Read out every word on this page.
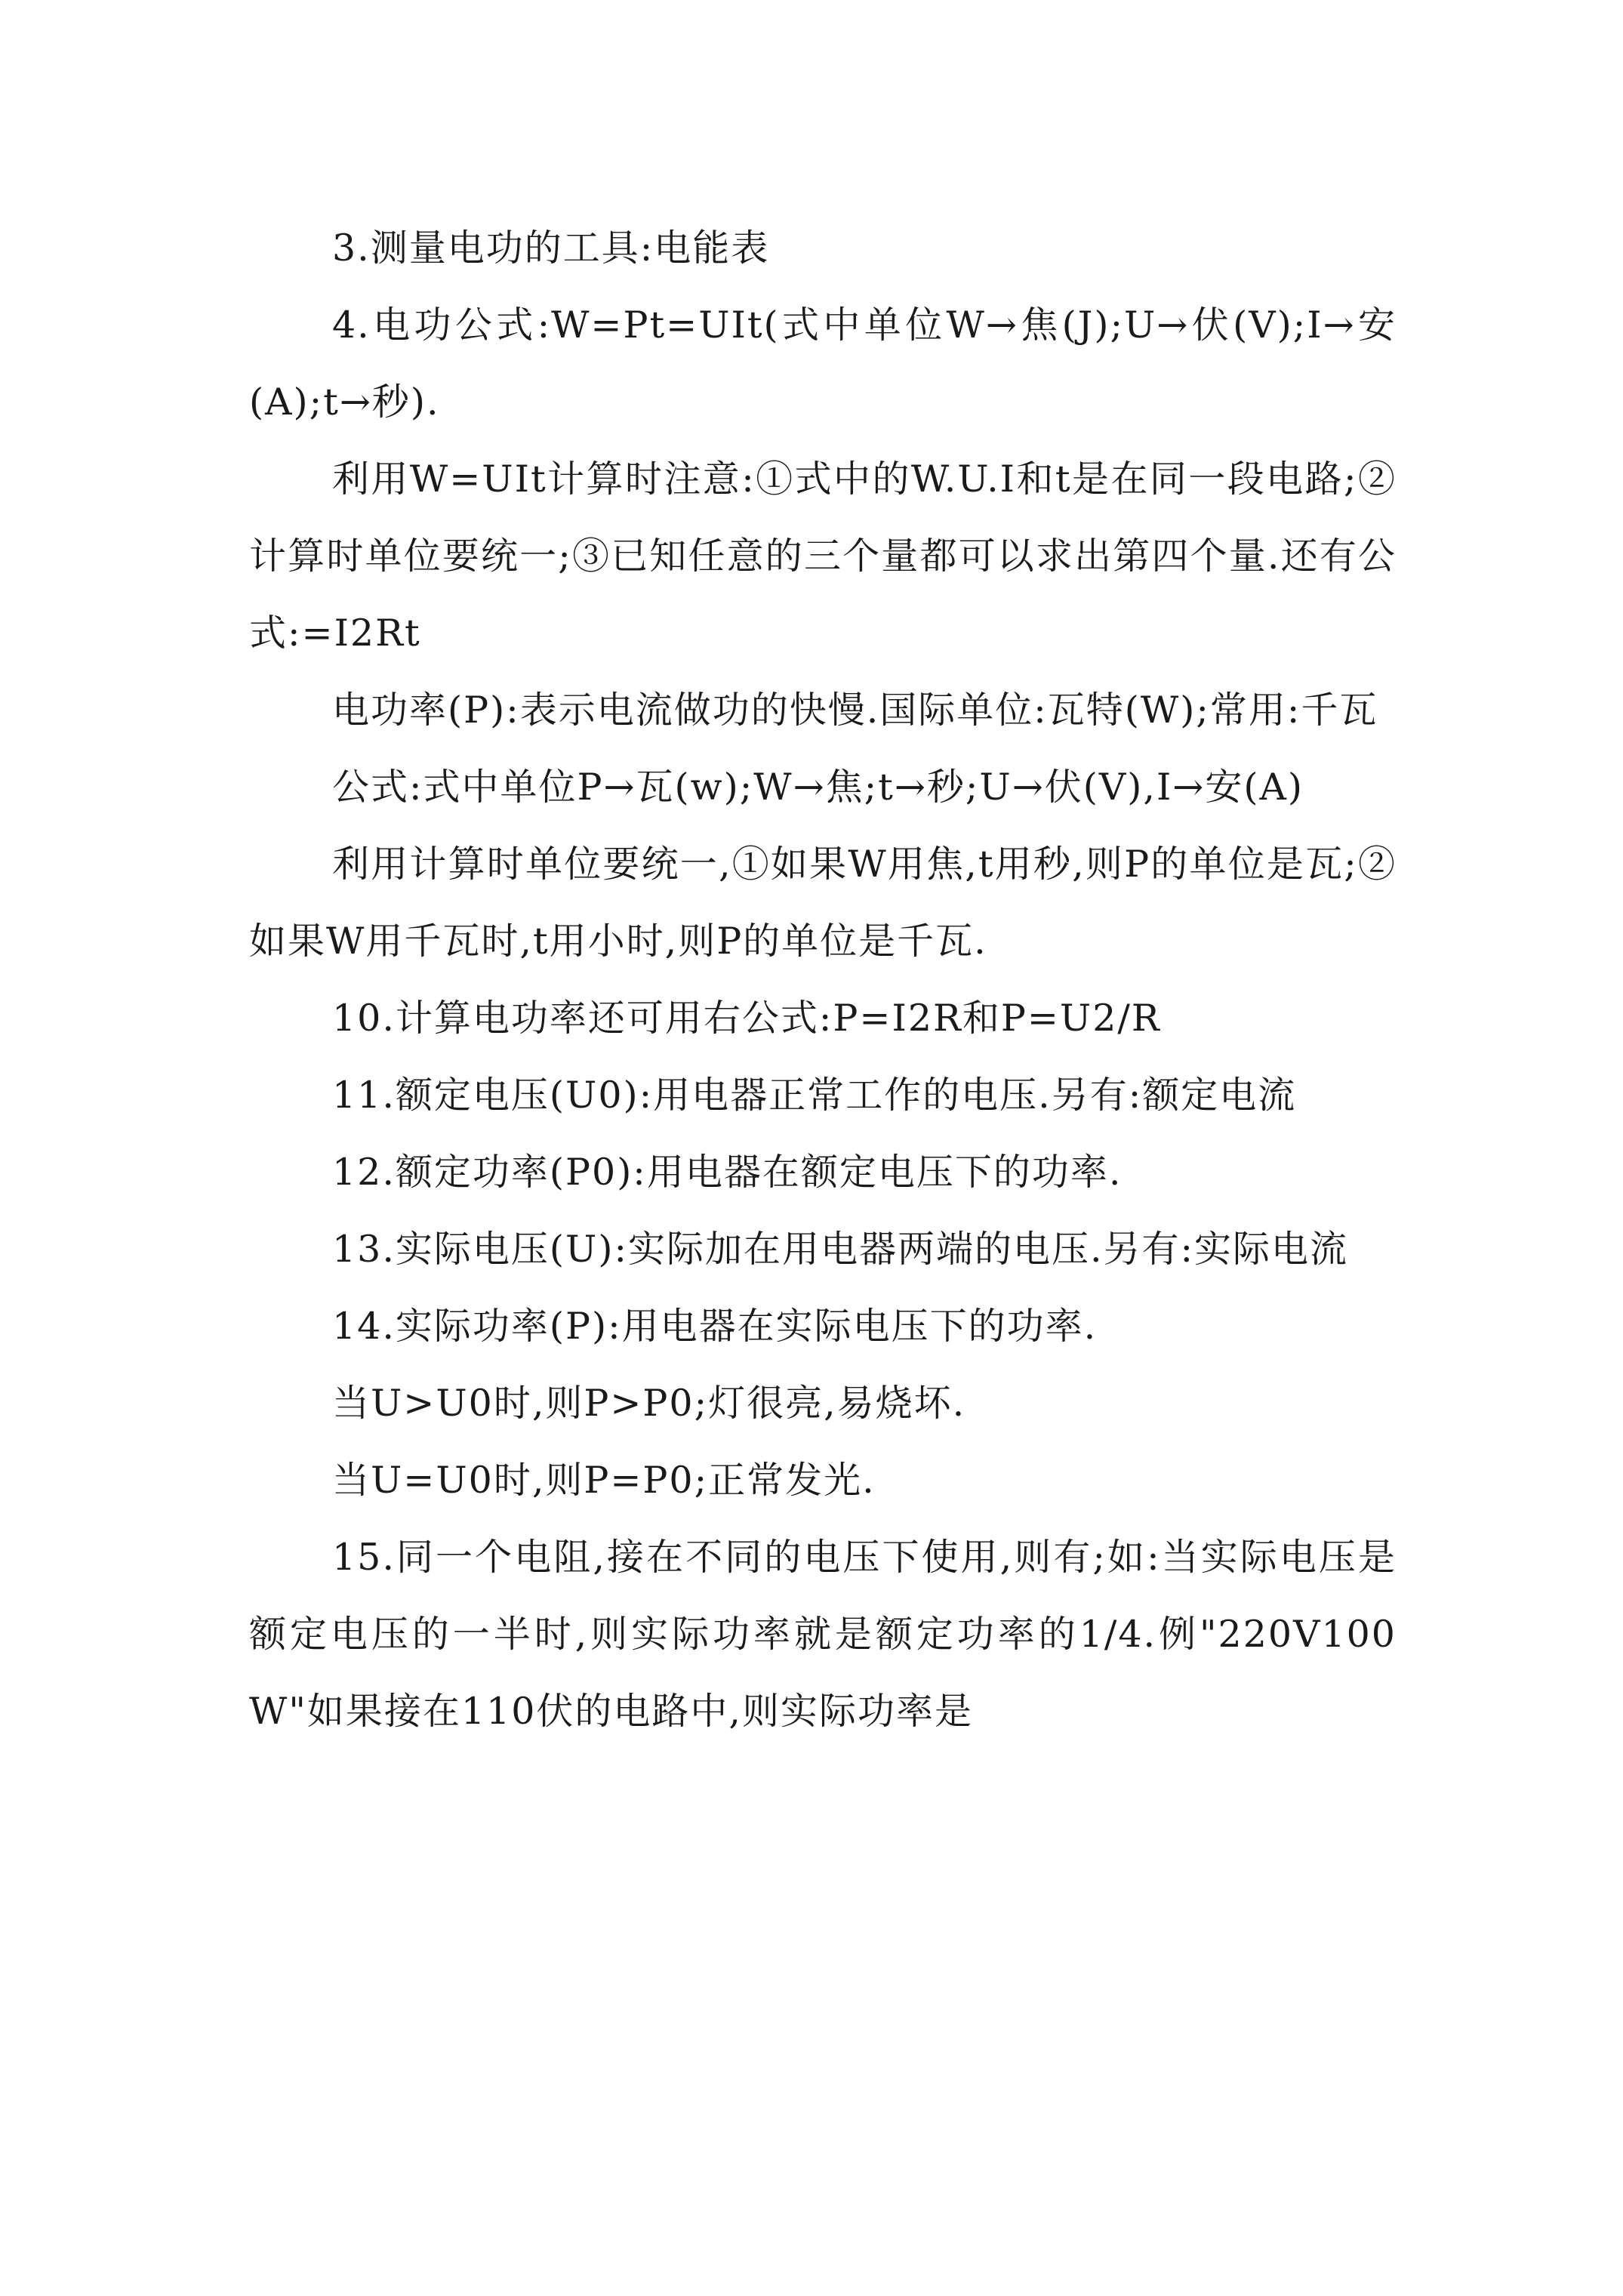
3.测量电功的工具:电能表

4.电功公式:W=Pt=UIt(式中单位W→焦(J);U→伏(V);I→安(A);t→秒).

利用W=UIt计算时注意:①式中的W.U.I和t是在同一段电路;②计算时单位要统一;③已知任意的三个量都可以求出第四个量.还有公式:=I2Rt

电功率(P):表示电流做功的快慢.国际单位:瓦特(W);常用:千瓦

公式:式中单位P→瓦(w);W→焦;t→秒;U→伏(V),I→安(A)

利用计算时单位要统一,①如果W用焦,t用秒,则P的单位是瓦;②如果W用千瓦时,t用小时,则P的单位是千瓦.

10.计算电功率还可用右公式:P=I2R和P=U2/R

11.额定电压(U0):用电器正常工作的电压.另有:额定电流

12.额定功率(P0):用电器在额定电压下的功率.

13.实际电压(U):实际加在用电器两端的电压.另有:实际电流

14.实际功率(P):用电器在实际电压下的功率.

当U>U0时,则P>P0;灯很亮,易烧坏.

当U=U0时,则P=P0;正常发光.

15.同一个电阻,接在不同的电压下使用,则有;如:当实际电压是额定电压的一半时,则实际功率就是额定功率的1/4.例"220V100W"如果接在110伏的电路中,则实际功率是
